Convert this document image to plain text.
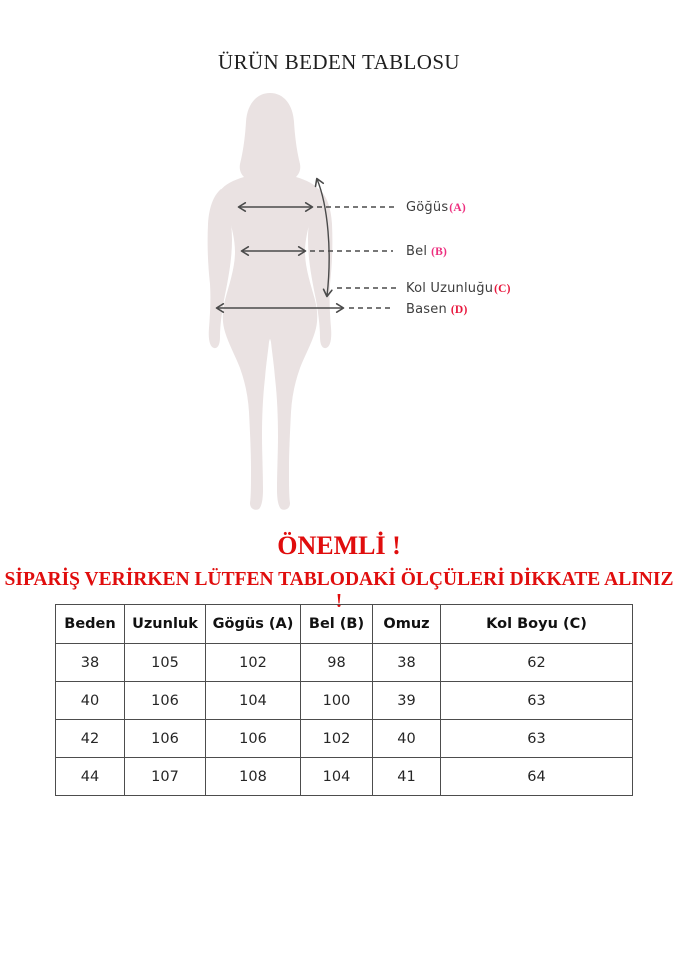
ÜRÜN BEDEN TABLOSU
Göğüs(A)
Bel (B)
Kol Uzunluğu(C)
Basen (D)
ÖNEMLİ !
SİPARİŞ VERİRKEN LÜTFEN TABLODAKİ ÖLÇÜLERİ DİKKATE ALINIZ !
Beden	Uzunluk	Gögüs (A)	Bel (B)	Omuz	Kol Boyu (C)
38	105	102	98	38	62
40	106	104	100	39	63
42	106	106	102	40	63
44	107	108	104	41	64
